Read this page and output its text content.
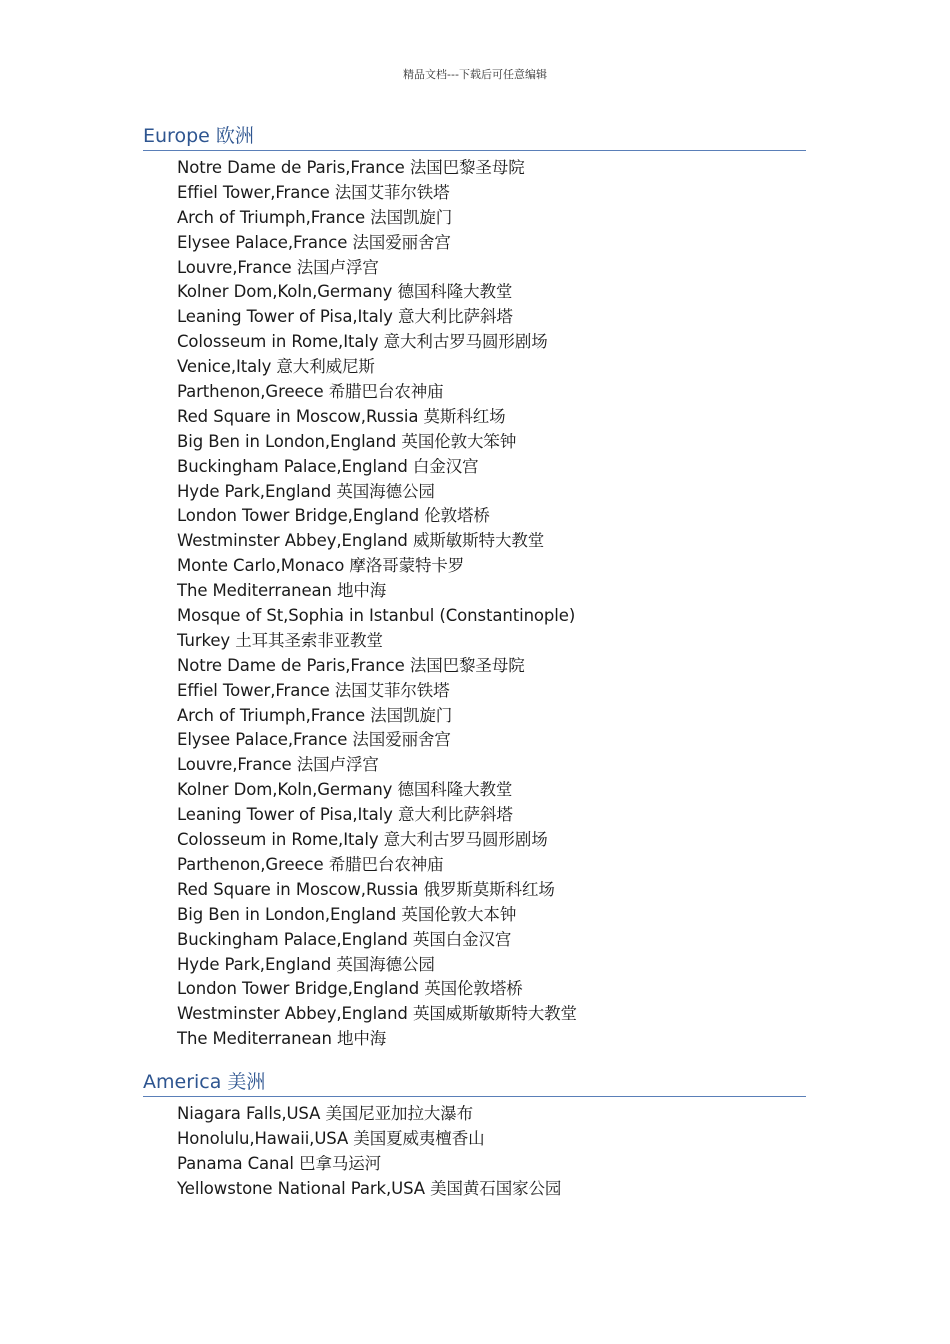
精品文档---下载后可任意编辑
Europe 欧洲
Notre Dame de Paris,France 法国巴黎圣母院
Effiel Tower,France 法国艾菲尔铁塔
Arch of Triumph,France 法国凯旋门
Elysee Palace,France 法国爱丽舍宫
Louvre,France 法国卢浮宫
Kolner Dom,Koln,Germany 德国科隆大教堂
Leaning Tower of Pisa,Italy 意大利比萨斜塔
Colosseum in Rome,Italy 意大利古罗马圆形剧场
Venice,Italy 意大利威尼斯
Parthenon,Greece 希腊巴台农神庙
Red Square in Moscow,Russia 莫斯科红场
Big Ben in London,England 英国伦敦大笨钟
Buckingham Palace,England 白金汉宫
Hyde Park,England 英国海德公园
London Tower Bridge,England 伦敦塔桥
Westminster Abbey,England 威斯敏斯特大教堂
Monte Carlo,Monaco 摩洛哥蒙特卡罗
The Mediterranean 地中海
Mosque of St,Sophia in Istanbul (Constantinople)
Turkey 土耳其圣索非亚教堂
Notre Dame de Paris,France 法国巴黎圣母院
Effiel Tower,France 法国艾菲尔铁塔
Arch of Triumph,France 法国凯旋门
Elysee Palace,France 法国爱丽舍宫
Louvre,France 法国卢浮宫
Kolner Dom,Koln,Germany 德国科隆大教堂
Leaning Tower of Pisa,Italy 意大利比萨斜塔
Colosseum in Rome,Italy 意大利古罗马圆形剧场
Parthenon,Greece 希腊巴台农神庙
Red Square in Moscow,Russia 俄罗斯莫斯科红场
Big Ben in London,England 英国伦敦大本钟
Buckingham Palace,England 英国白金汉宫
Hyde Park,England 英国海德公园
London Tower Bridge,England 英国伦敦塔桥
Westminster Abbey,England 英国威斯敏斯特大教堂
The Mediterranean 地中海
America 美洲
Niagara Falls,USA 美国尼亚加拉大瀑布
Honolulu,Hawaii,USA 美国夏威夷檀香山
Panama Canal 巴拿马运河
Yellowstone National Park,USA 美国黄石国家公园
